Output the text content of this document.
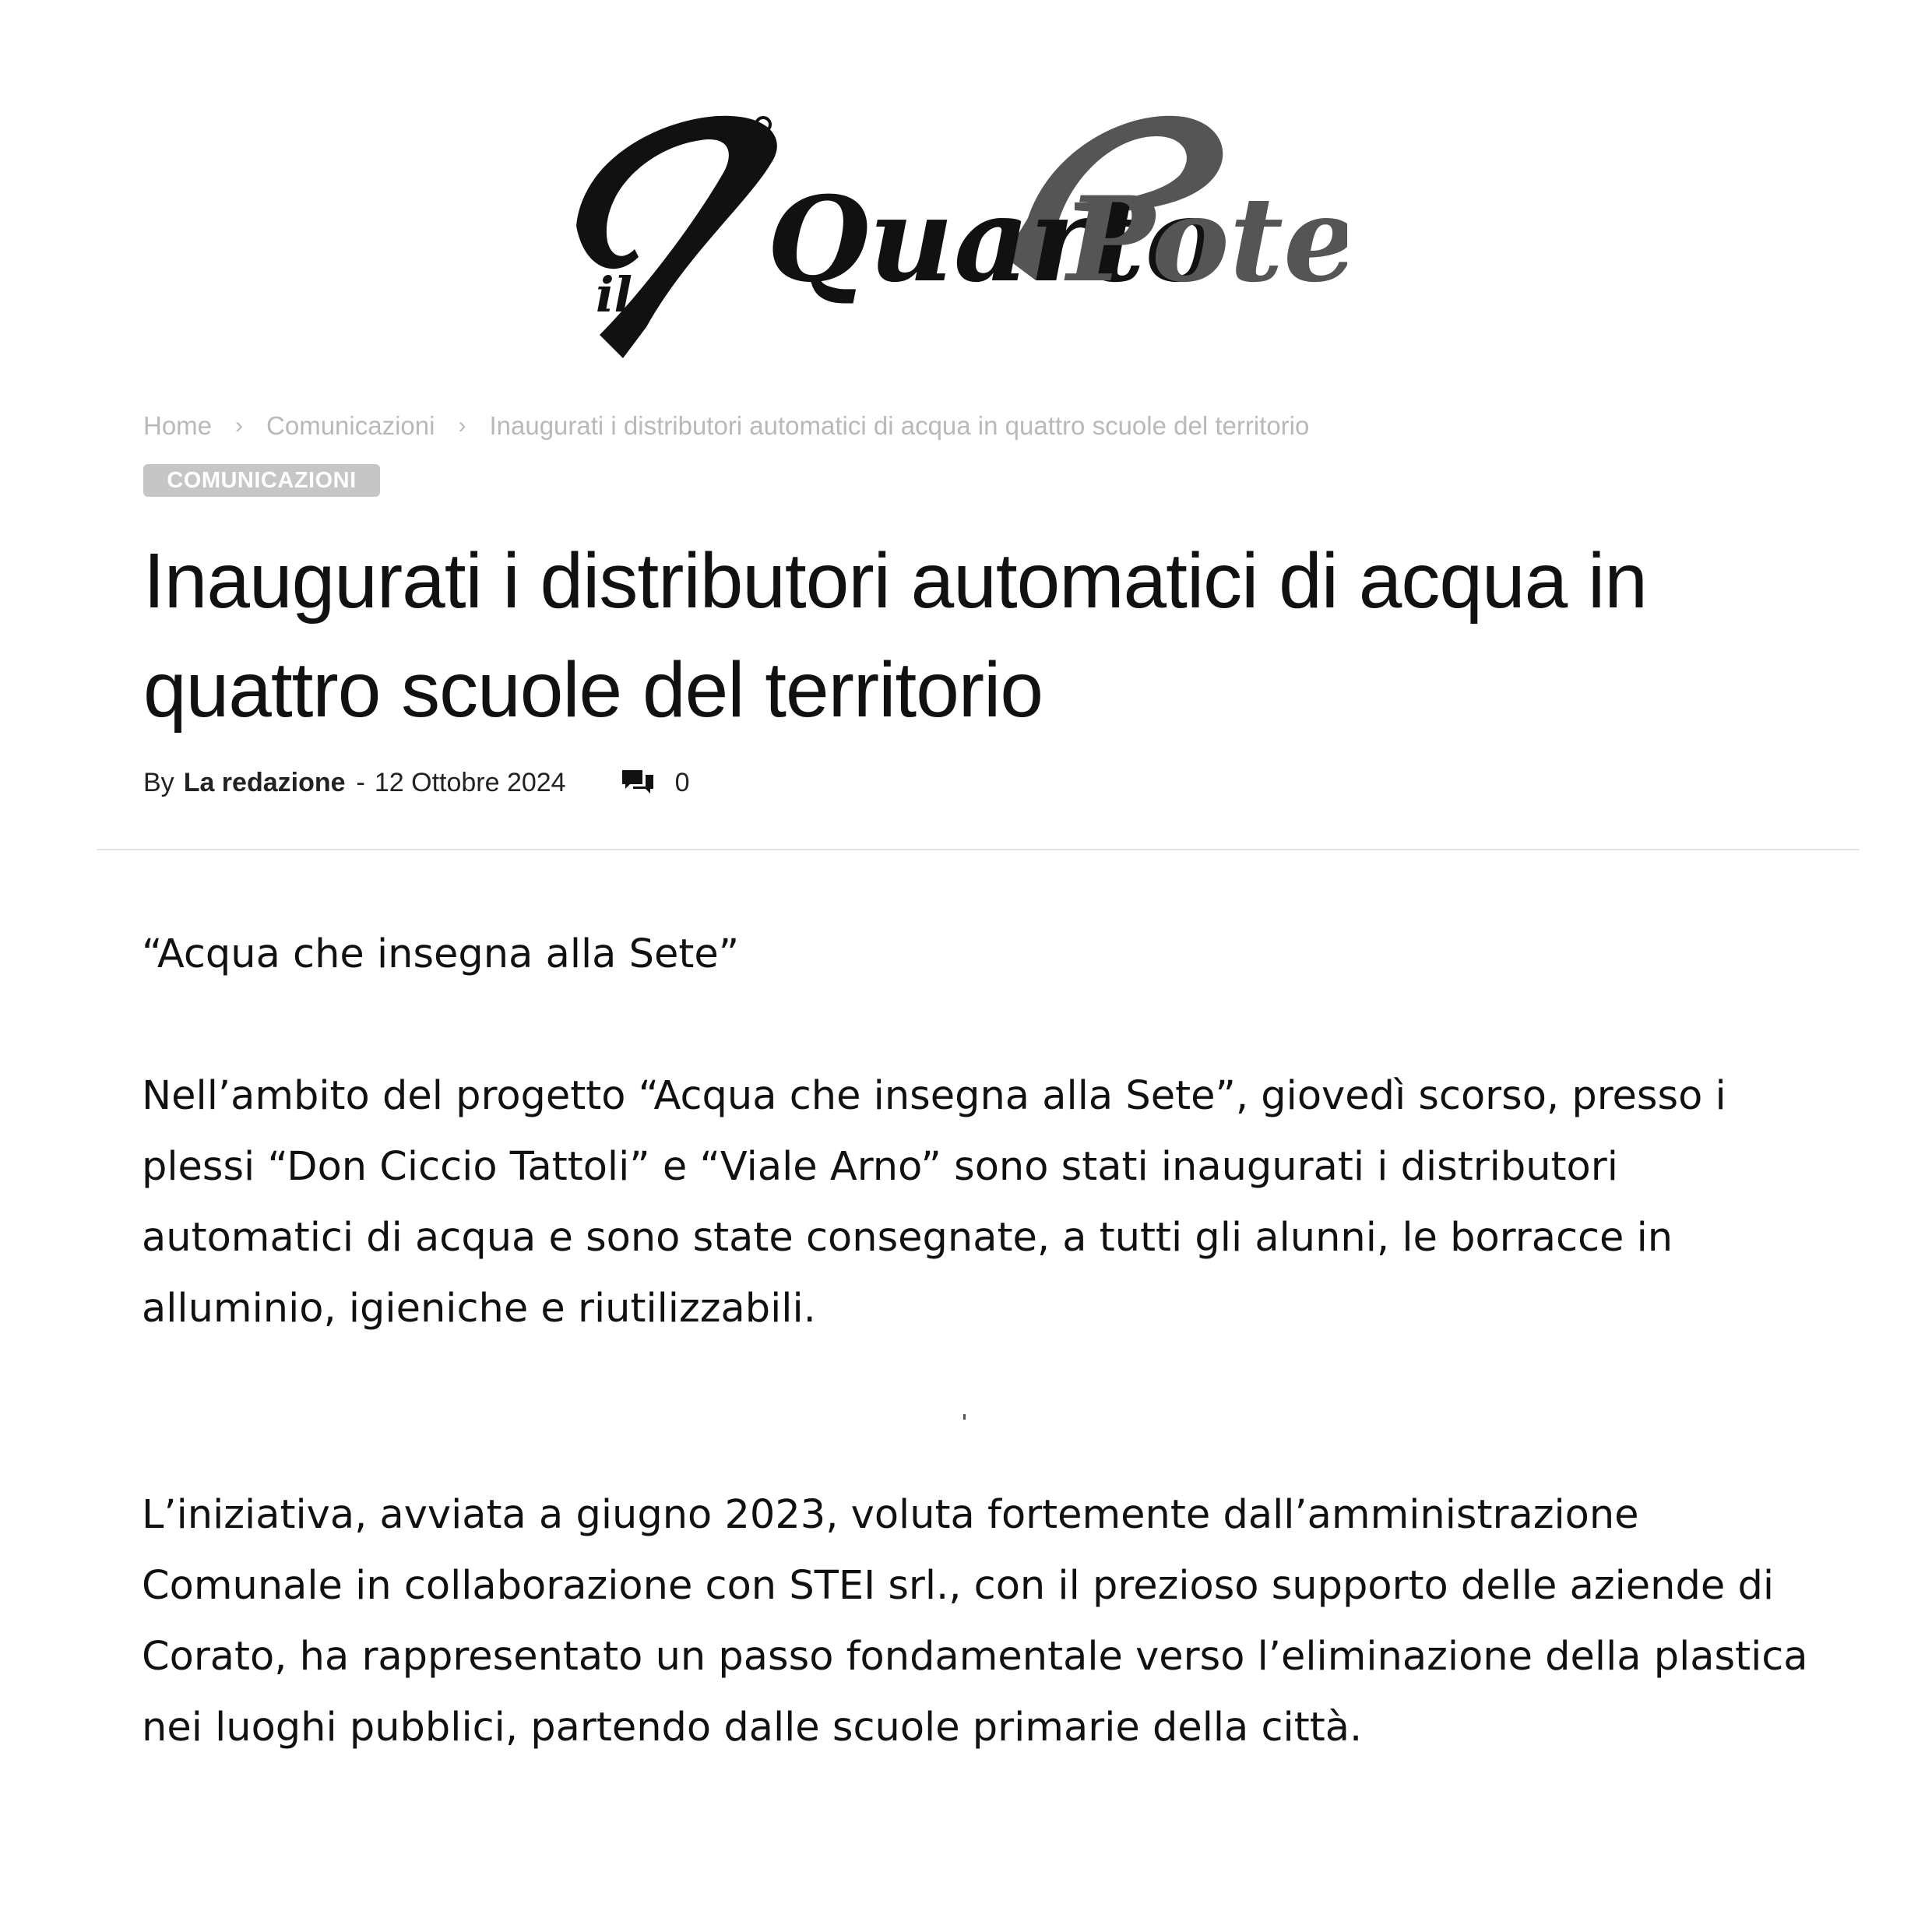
il Quarto
Pot
Home › Comunicazioni › Inaugurati i distributori automatici di acqua in quattro scuole del territorio
COMUNICAZIONI
Inaugurati i distributori automatici di acqua in quattro scuole del territorio
By La redazione - 12 Ottobre 2024	0

“Acqua che insegna alla Sete”

Nell’ambito del progetto “Acqua che insegna alla Sete”, giovedì scorso, presso i plessi “Don Ciccio Tattoli” e “Viale Arno” sono stati inaugurati i distributori automatici di acqua e sono state consegnate, a tutti gli alunni, le borracce in alluminio, igieniche e riutilizzabili.

L’iniziativa, avviata a giugno 2023, voluta fortemente dall’amministrazione Comunale in collaborazione con STEI srl., con il prezioso supporto delle aziende di Corato, ha rappresentato un passo fondamentale verso l’eliminazione della plastica nei luoghi pubblici, partendo dalle scuole primarie della città.
